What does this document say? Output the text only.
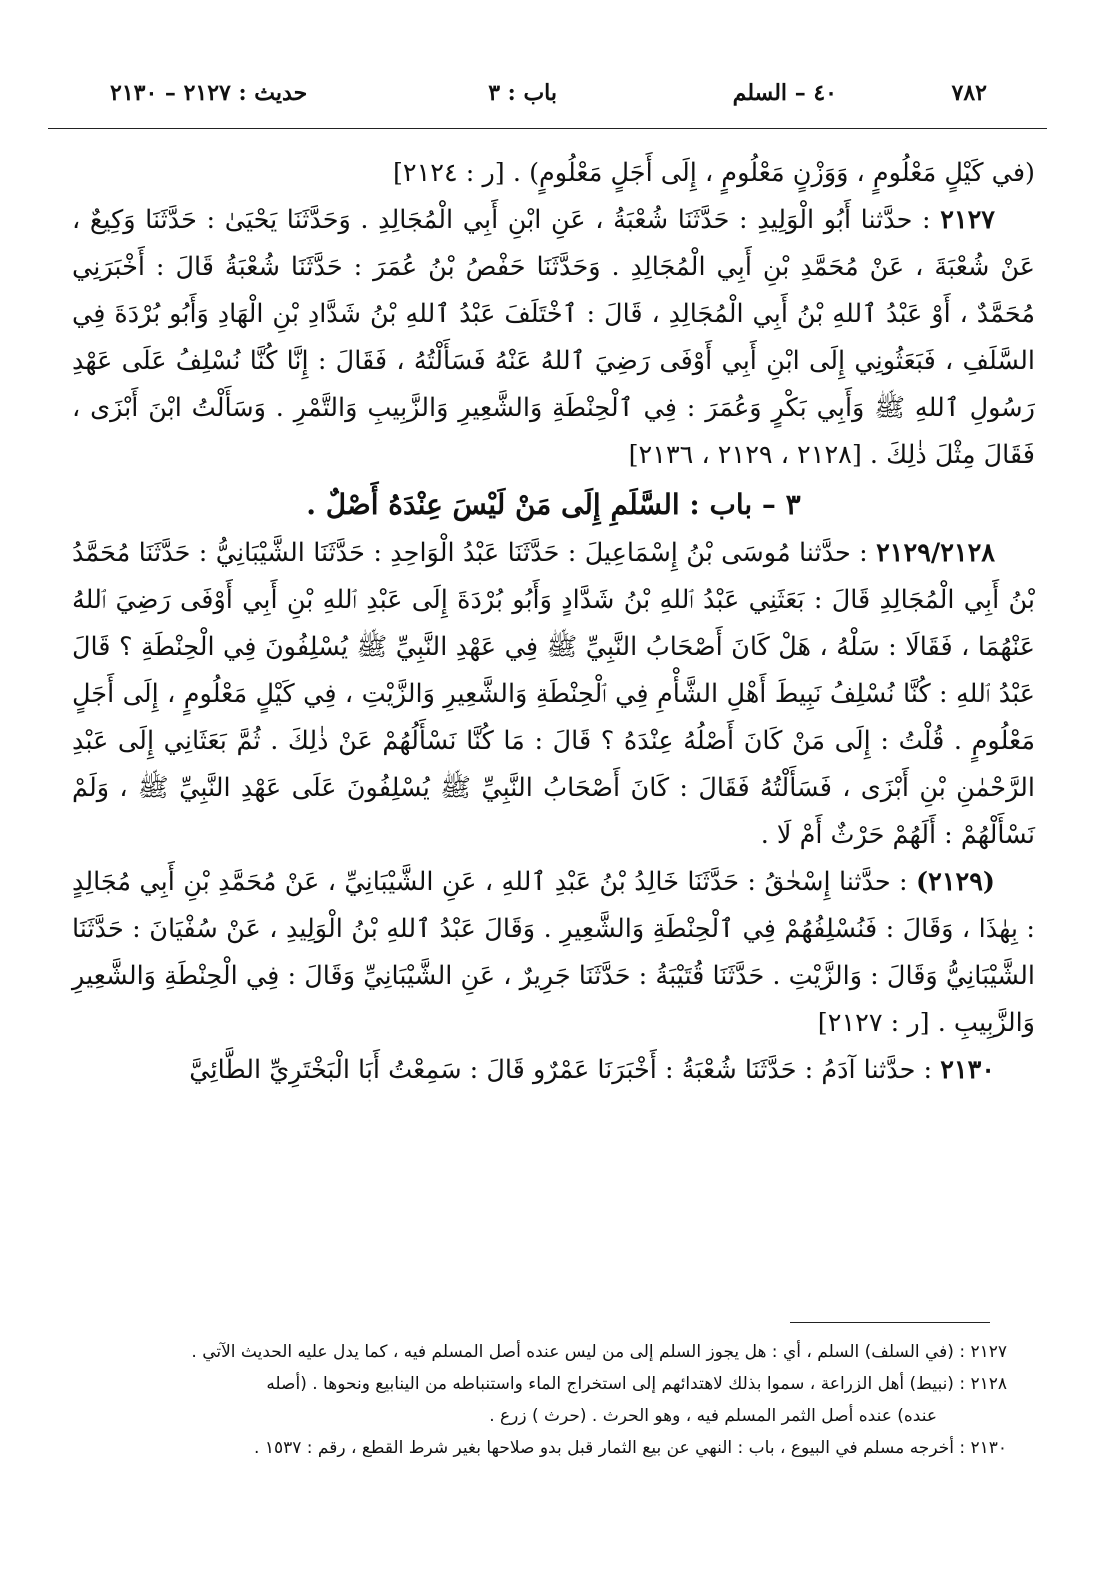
٧٨٢
٤٠ – السلم
باب : ٣
حديث : ٢١٢٧ – ٢١٣٠

(في كَيْلٍ مَعْلُومٍ ، وَوَزْنٍ مَعْلُومٍ ، إِلَى أَجَلٍ مَعْلُومٍ) . [ر : ٢١٢٤]

٢١٢٧ : حدَّثنا أَبُو الْوَلِيدِ : حَدَّثَنَا شُعْبَةُ ، عَنِ ابْنِ أَبِي الْمُجَالِدِ . وَحَدَّثَنَا يَحْيَىٰ : حَدَّثَنَا وَكِيعٌ ، عَنْ شُعْبَةَ ، عَنْ مُحَمَّدِ بْنِ أَبِي الْمُجَالِدِ . وَحَدَّثَنَا حَفْصُ بْنُ عُمَرَ : حَدَّثَنَا شُعْبَةُ قَالَ : أَخْبَرَنِي مُحَمَّدٌ ، أَوْ عَبْدُ ٱللهِ بْنُ أَبِي الْمُجَالِدِ ، قَالَ : ٱخْتَلَفَ عَبْدُ ٱللهِ بْنُ شَدَّادِ بْنِ الْهَادِ وَأَبُو بُرْدَةَ فِي السَّلَفِ ، فَبَعَثُونِي إِلَى ابْنِ أَبِي أَوْفَى رَضِيَ ٱللهُ عَنْهُ فَسَأَلْتُهُ ، فَقَالَ : إِنَّا كُنَّا نُسْلِفُ عَلَى عَهْدِ رَسُولِ ٱللهِ ﷺ وَأَبِي بَكْرٍ وَعُمَرَ : فِي ٱلْحِنْطَةِ وَالشَّعِيرِ وَالزَّبِيبِ وَالتَّمْرِ . وَسَأَلْتُ ابْنَ أَبْزَى ، فَقَالَ مِثْلَ ذٰلِكَ . [٢١٢٨ ، ٢١٢٩ ، ٢١٣٦]

٣ – باب : السَّلَمِ إِلَى مَنْ لَيْسَ عِنْدَهُ أَصْلٌ .

٢١٢٩/٢١٢٨ : حدَّثنا مُوسَى بْنُ إِسْمَاعِيلَ : حَدَّثَنَا عَبْدُ الْوَاحِدِ : حَدَّثَنَا الشَّيْبَانِيُّ : حَدَّثَنَا مُحَمَّدُ بْنُ أَبِي الْمُجَالِدِ قَالَ : بَعَثَنِي عَبْدُ ٱللهِ بْنُ شَدَّادٍ وَأَبُو بُرْدَةَ إِلَى عَبْدِ ٱللهِ بْنِ أَبِي أَوْفَى رَضِيَ ٱللهُ عَنْهُمَا ، فَقَالَا : سَلْهُ ، هَلْ كَانَ أَصْحَابُ النَّبِيِّ ﷺ فِي عَهْدِ النَّبِيِّ ﷺ يُسْلِفُونَ فِي الْحِنْطَةِ ؟ قَالَ عَبْدُ ٱللهِ : كُنَّا نُسْلِفُ نَبِيطَ أَهْلِ الشَّأْمِ فِي ٱلْحِنْطَةِ وَالشَّعِيرِ وَالزَّيْتِ ، فِي كَيْلٍ مَعْلُومٍ ، إِلَى أَجَلٍ مَعْلُومٍ . قُلْتُ : إِلَى مَنْ كَانَ أَصْلُهُ عِنْدَهُ ؟ قَالَ : مَا كُنَّا نَسْأَلُهُمْ عَنْ ذٰلِكَ . ثُمَّ بَعَثَانِي إِلَى عَبْدِ الرَّحْمٰنِ بْنِ أَبْزَى ، فَسَأَلْتُهُ فَقَالَ : كَانَ أَصْحَابُ النَّبِيِّ ﷺ يُسْلِفُونَ عَلَى عَهْدِ النَّبِيِّ ﷺ ، وَلَمْ نَسْأَلْهُمْ : أَلَهُمْ حَرْثٌ أَمْ لَا .

(٢١٢٩) : حدَّثنا إِسْحٰقُ : حَدَّثَنَا خَالِدُ بْنُ عَبْدِ ٱللهِ ، عَنِ الشَّيْبَانِيِّ ، عَنْ مُحَمَّدِ بْنِ أَبِي مُجَالِدٍ : بِهٰذَا ، وَقَالَ : فَنُسْلِفُهُمْ فِي ٱلْحِنْطَةِ وَالشَّعِيرِ . وَقَالَ عَبْدُ ٱللهِ بْنُ الْوَلِيدِ ، عَنْ سُفْيَانَ : حَدَّثَنَا الشَّيْبَانِيُّ وَقَالَ : وَالزَّيْتِ . حَدَّثَنَا قُتَيْبَةُ : حَدَّثَنَا جَرِيرٌ ، عَنِ الشَّيْبَانِيِّ وَقَالَ : فِي الْحِنْطَةِ وَالشَّعِيرِ وَالزَّبِيبِ . [ر : ٢١٢٧]

٢١٣٠ : حدَّثنا آدَمُ : حَدَّثَنَا شُعْبَةُ : أَخْبَرَنَا عَمْرٌو قَالَ : سَمِعْتُ أَبَا الْبَخْتَرِيِّ الطَّائِيَّ

٢١٢٧ : (في السلف) السلم ، أي : هل يجوز السلم إلى من ليس عنده أصل المسلم فيه ، كما يدل عليه الحديث الآتي .

٢١٢٨ : (نبيط) أهل الزراعة ، سموا بذلك لاهتدائهم إلى استخراج الماء واستنباطه من الينابيع ونحوها . (أصله

عنده) عنده أصل الثمر المسلم فيه ، وهو الحرث . (حرث ) زرع .

٢١٣٠ : أخرجه مسلم في البيوع ، باب : النهي عن بيع الثمار قبل بدو صلاحها بغير شرط القطع ، رقم : ١٥٣٧ .
